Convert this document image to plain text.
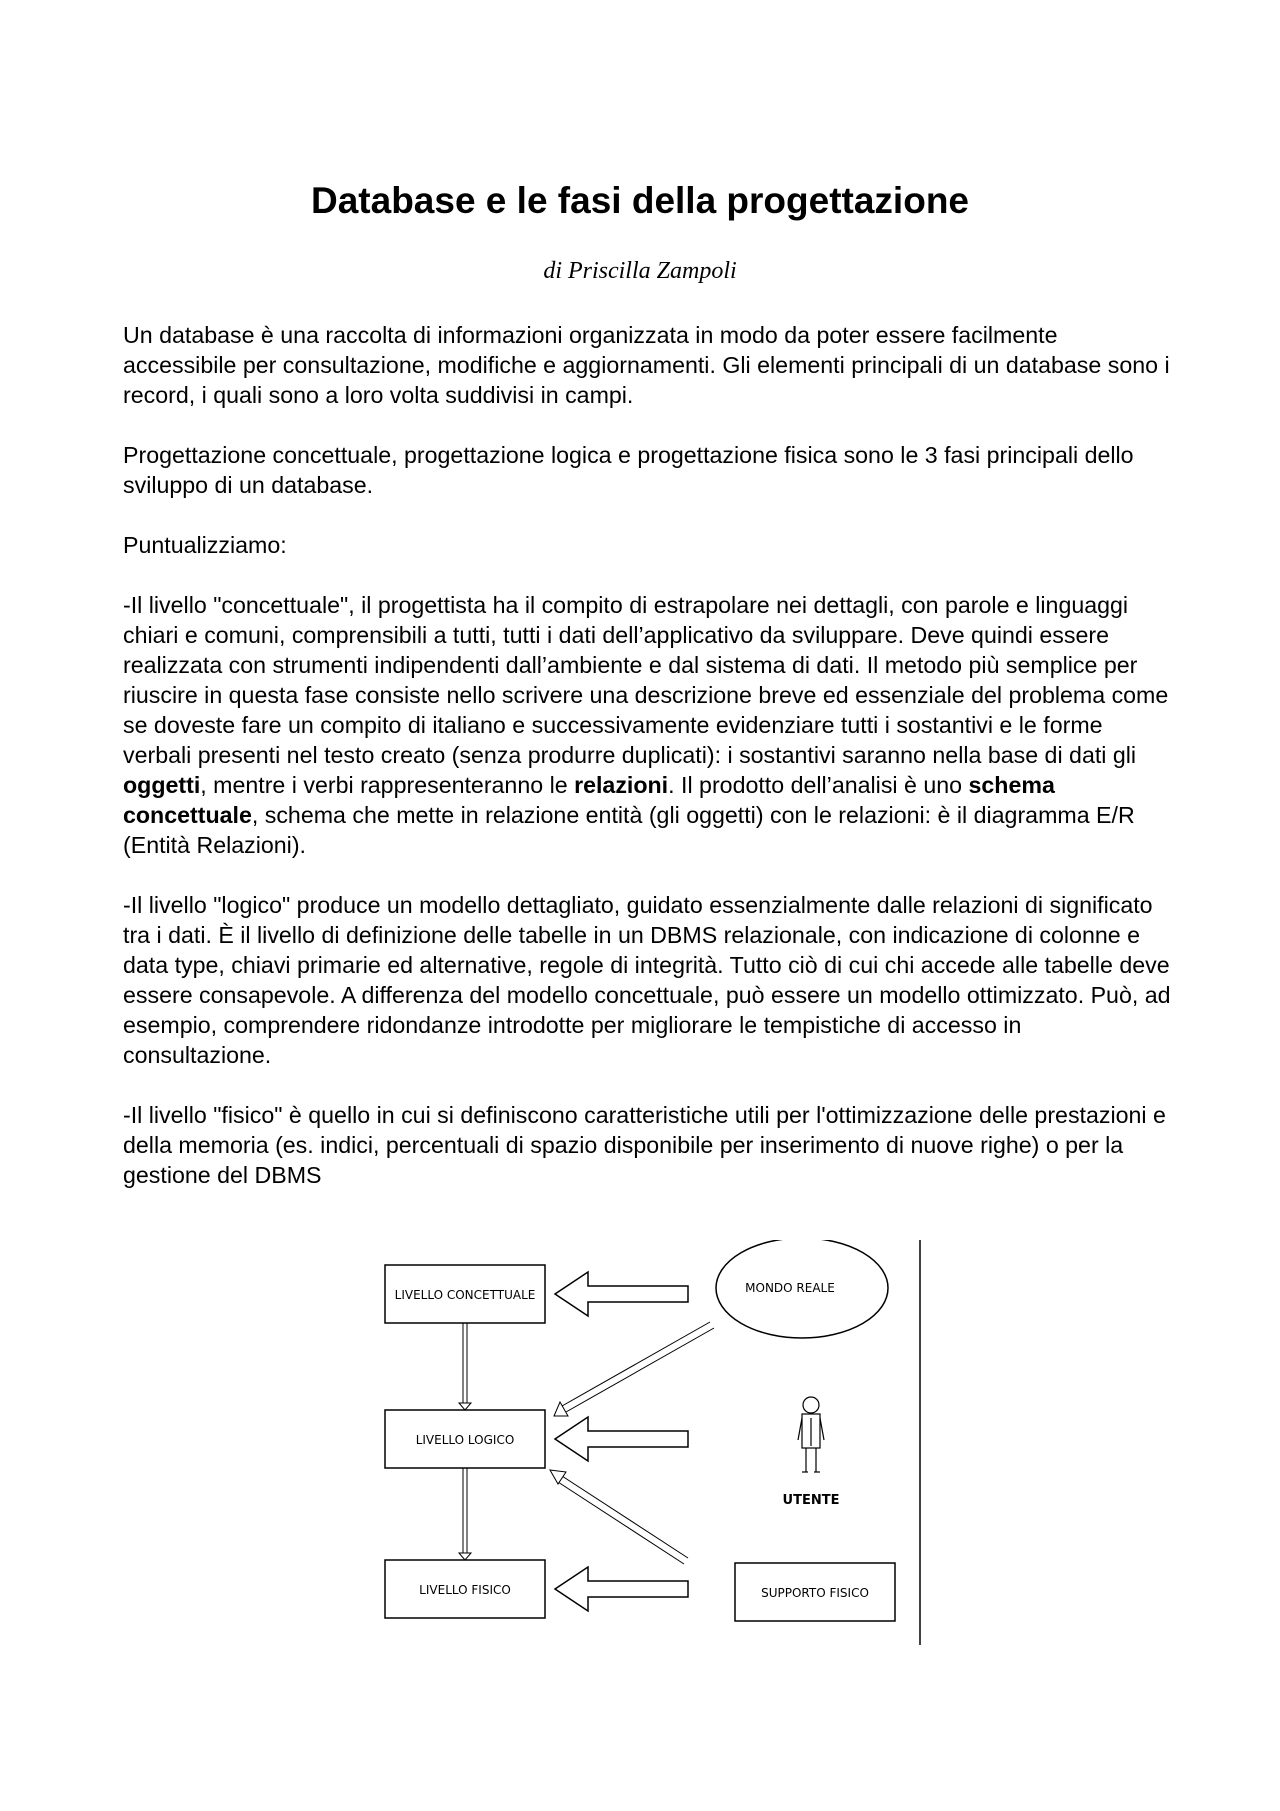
Database e le fasi della progettazione
di Priscilla Zampoli

Un database è una raccolta di informazioni organizzata in modo da poter essere facilmente accessibile per consultazione, modifiche e aggiornamenti. Gli elementi principali di un database sono i record, i quali sono a loro volta suddivisi in campi.

Progettazione concettuale, progettazione logica e progettazione fisica sono le 3 fasi principali dello sviluppo di un database.

Puntualizziamo:

-Il livello "concettuale", il progettista ha il compito di estrapolare nei dettagli, con parole e linguaggi chiari e comuni, comprensibili a tutti, tutti i dati dell’applicativo da sviluppare. Deve quindi essere realizzata con strumenti indipendenti dall’ambiente e dal sistema di dati. Il metodo più semplice per riuscire in questa fase consiste nello scrivere una descrizione breve ed essenziale del problema come se doveste fare un compito di italiano e successivamente evidenziare tutti i sostantivi e le forme verbali presenti nel testo creato (senza produrre duplicati): i sostantivi saranno nella base di dati gli oggetti, mentre i verbi rappresenteranno le relazioni. Il prodotto dell’analisi è uno schema concettuale, schema che mette in relazione entità (gli oggetti) con le relazioni: è il diagramma E/R (Entità Relazioni).

-Il livello "logico" produce un modello dettagliato, guidato essenzialmente dalle relazioni di significato tra i dati. È il livello di definizione delle tabelle in un DBMS relazionale, con indicazione di colonne e data type, chiavi primarie ed alternative, regole di integrità. Tutto ciò di cui chi accede alle tabelle deve essere consapevole. A differenza del modello concettuale, può essere un modello ottimizzato. Può, ad esempio, comprendere ridondanze introdotte per migliorare le tempistiche di accesso in consultazione.

-Il livello "fisico" è quello in cui si definiscono caratteristiche utili per l'ottimizzazione delle prestazioni e della memoria (es. indici, percentuali di spazio disponibile per inserimento di nuove righe) o per la gestione del DBMS

LIVELLO CONCETTUALE
LIVELLO LOGICO
LIVELLO FISICO
MONDO REALE
UTENTE
SUPPORTO FISICO
